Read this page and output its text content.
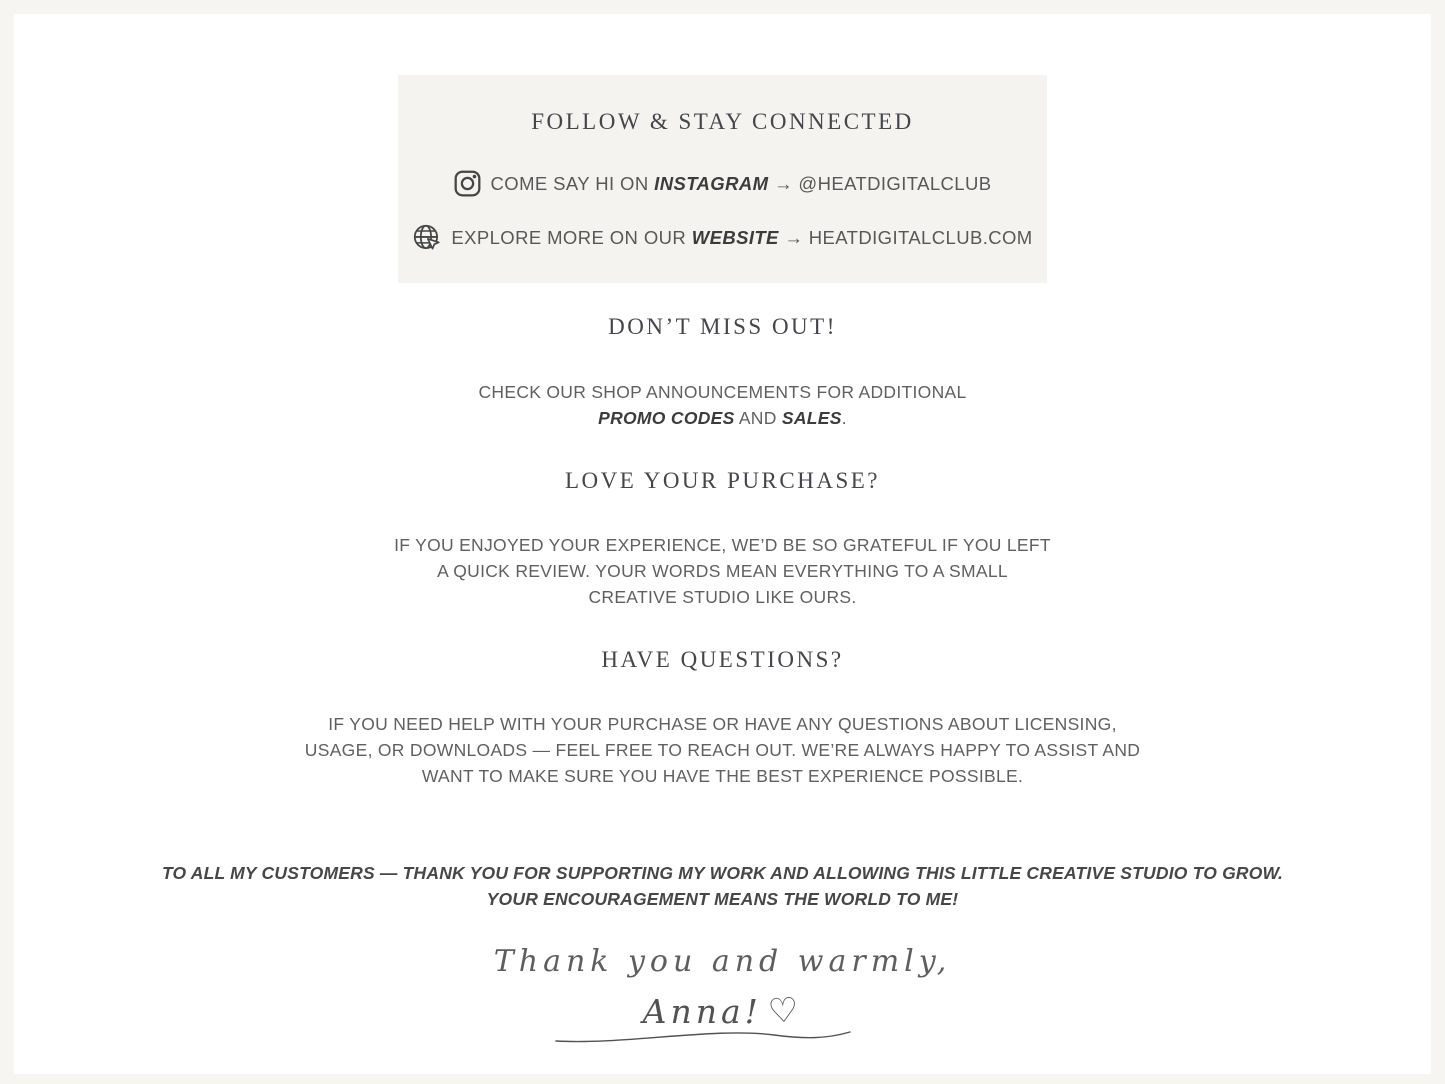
FOLLOW & STAY CONNECTED
COME SAY HI ON INSTAGRAM → @HEATDIGITALCLUB
EXPLORE MORE ON OUR WEBSITE → HEATDIGITALCLUB.COM
DON’T MISS OUT!
CHECK OUR SHOP ANNOUNCEMENTS FOR ADDITIONAL
PROMO CODES AND SALES.
LOVE YOUR PURCHASE?
IF YOU ENJOYED YOUR EXPERIENCE, WE’D BE SO GRATEFUL IF YOU LEFT
A QUICK REVIEW. YOUR WORDS MEAN EVERYTHING TO A SMALL
CREATIVE STUDIO LIKE OURS.
HAVE QUESTIONS?
IF YOU NEED HELP WITH YOUR PURCHASE OR HAVE ANY QUESTIONS ABOUT LICENSING,
USAGE, OR DOWNLOADS — FEEL FREE TO REACH OUT. WE’RE ALWAYS HAPPY TO ASSIST AND
WANT TO MAKE SURE YOU HAVE THE BEST EXPERIENCE POSSIBLE.
TO ALL MY CUSTOMERS — THANK YOU FOR SUPPORTING MY WORK AND ALLOWING THIS LITTLE CREATIVE STUDIO TO GROW.
YOUR ENCOURAGEMENT MEANS THE WORLD TO ME!
Thank you and warmly,
Anna! ♡
